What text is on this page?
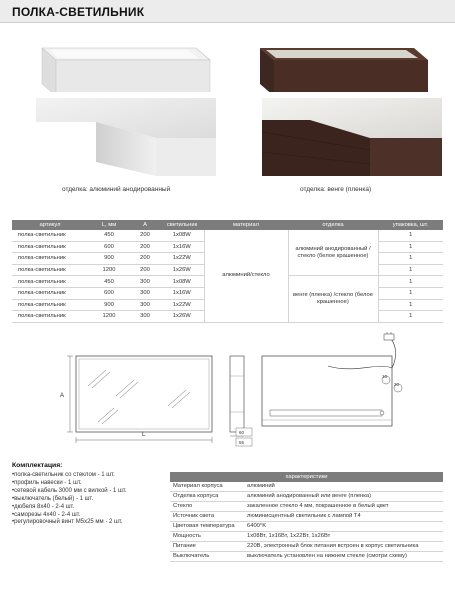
ПОЛКА-СВЕТИЛЬНИК
отделка: алюминий анодированный	отделка: венге (пленка)
артикул	L, мм	A	светильник	материал	отделка	упаковка, шт.
полка-светильник	450	200	1x08W	алюминий/стекло	алюминий анодированный / стекло (белое крашенное)	1
полка-светильник	600	200	1x16W			1
полка-светильник	900	200	1x22W			1
полка-светильник	1200	200	1x26W			1
полка-светильник	450	300	1x08W		венге (пленка) /стекло (белое крашенное)	1
полка-светильник	600	300	1x16W			1
полка-светильник	900	300	1x22W			1
полка-светильник	1200	300	1x26W			1
A
L	60
55
10
20
Комплектация:
• полка-светильник со стеклом - 1 шт.
• профиль навески - 1 шт.
• сетевой кабель 3000 мм с вилкой - 1 шт.
• выключатель (белый) - 1 шт.
• дюбеля 8x40 - 2-4 шт.
• саморезы 4x40 - 2-4 шт.
• регулировочный винт M5x25 мм - 2 шт.
характеристики	
Материал корпуса	алюминий
Отделка корпуса	алюминий анодированный или венге (пленка)
Стекло	закаленное стекло 4 мм, покрашенное в белый цвет
Источник света	люминисцентный светильник с лампой Т4
Цветовая температура	6400°K
Мощность	1x08Вт, 1x16Вт, 1x22Вт, 1x26Вт
Питание	220В, электронный блок питания встроен в корпус светильника
Выключатель	выключатель установлен на нижнем стекле (смотри схему)
